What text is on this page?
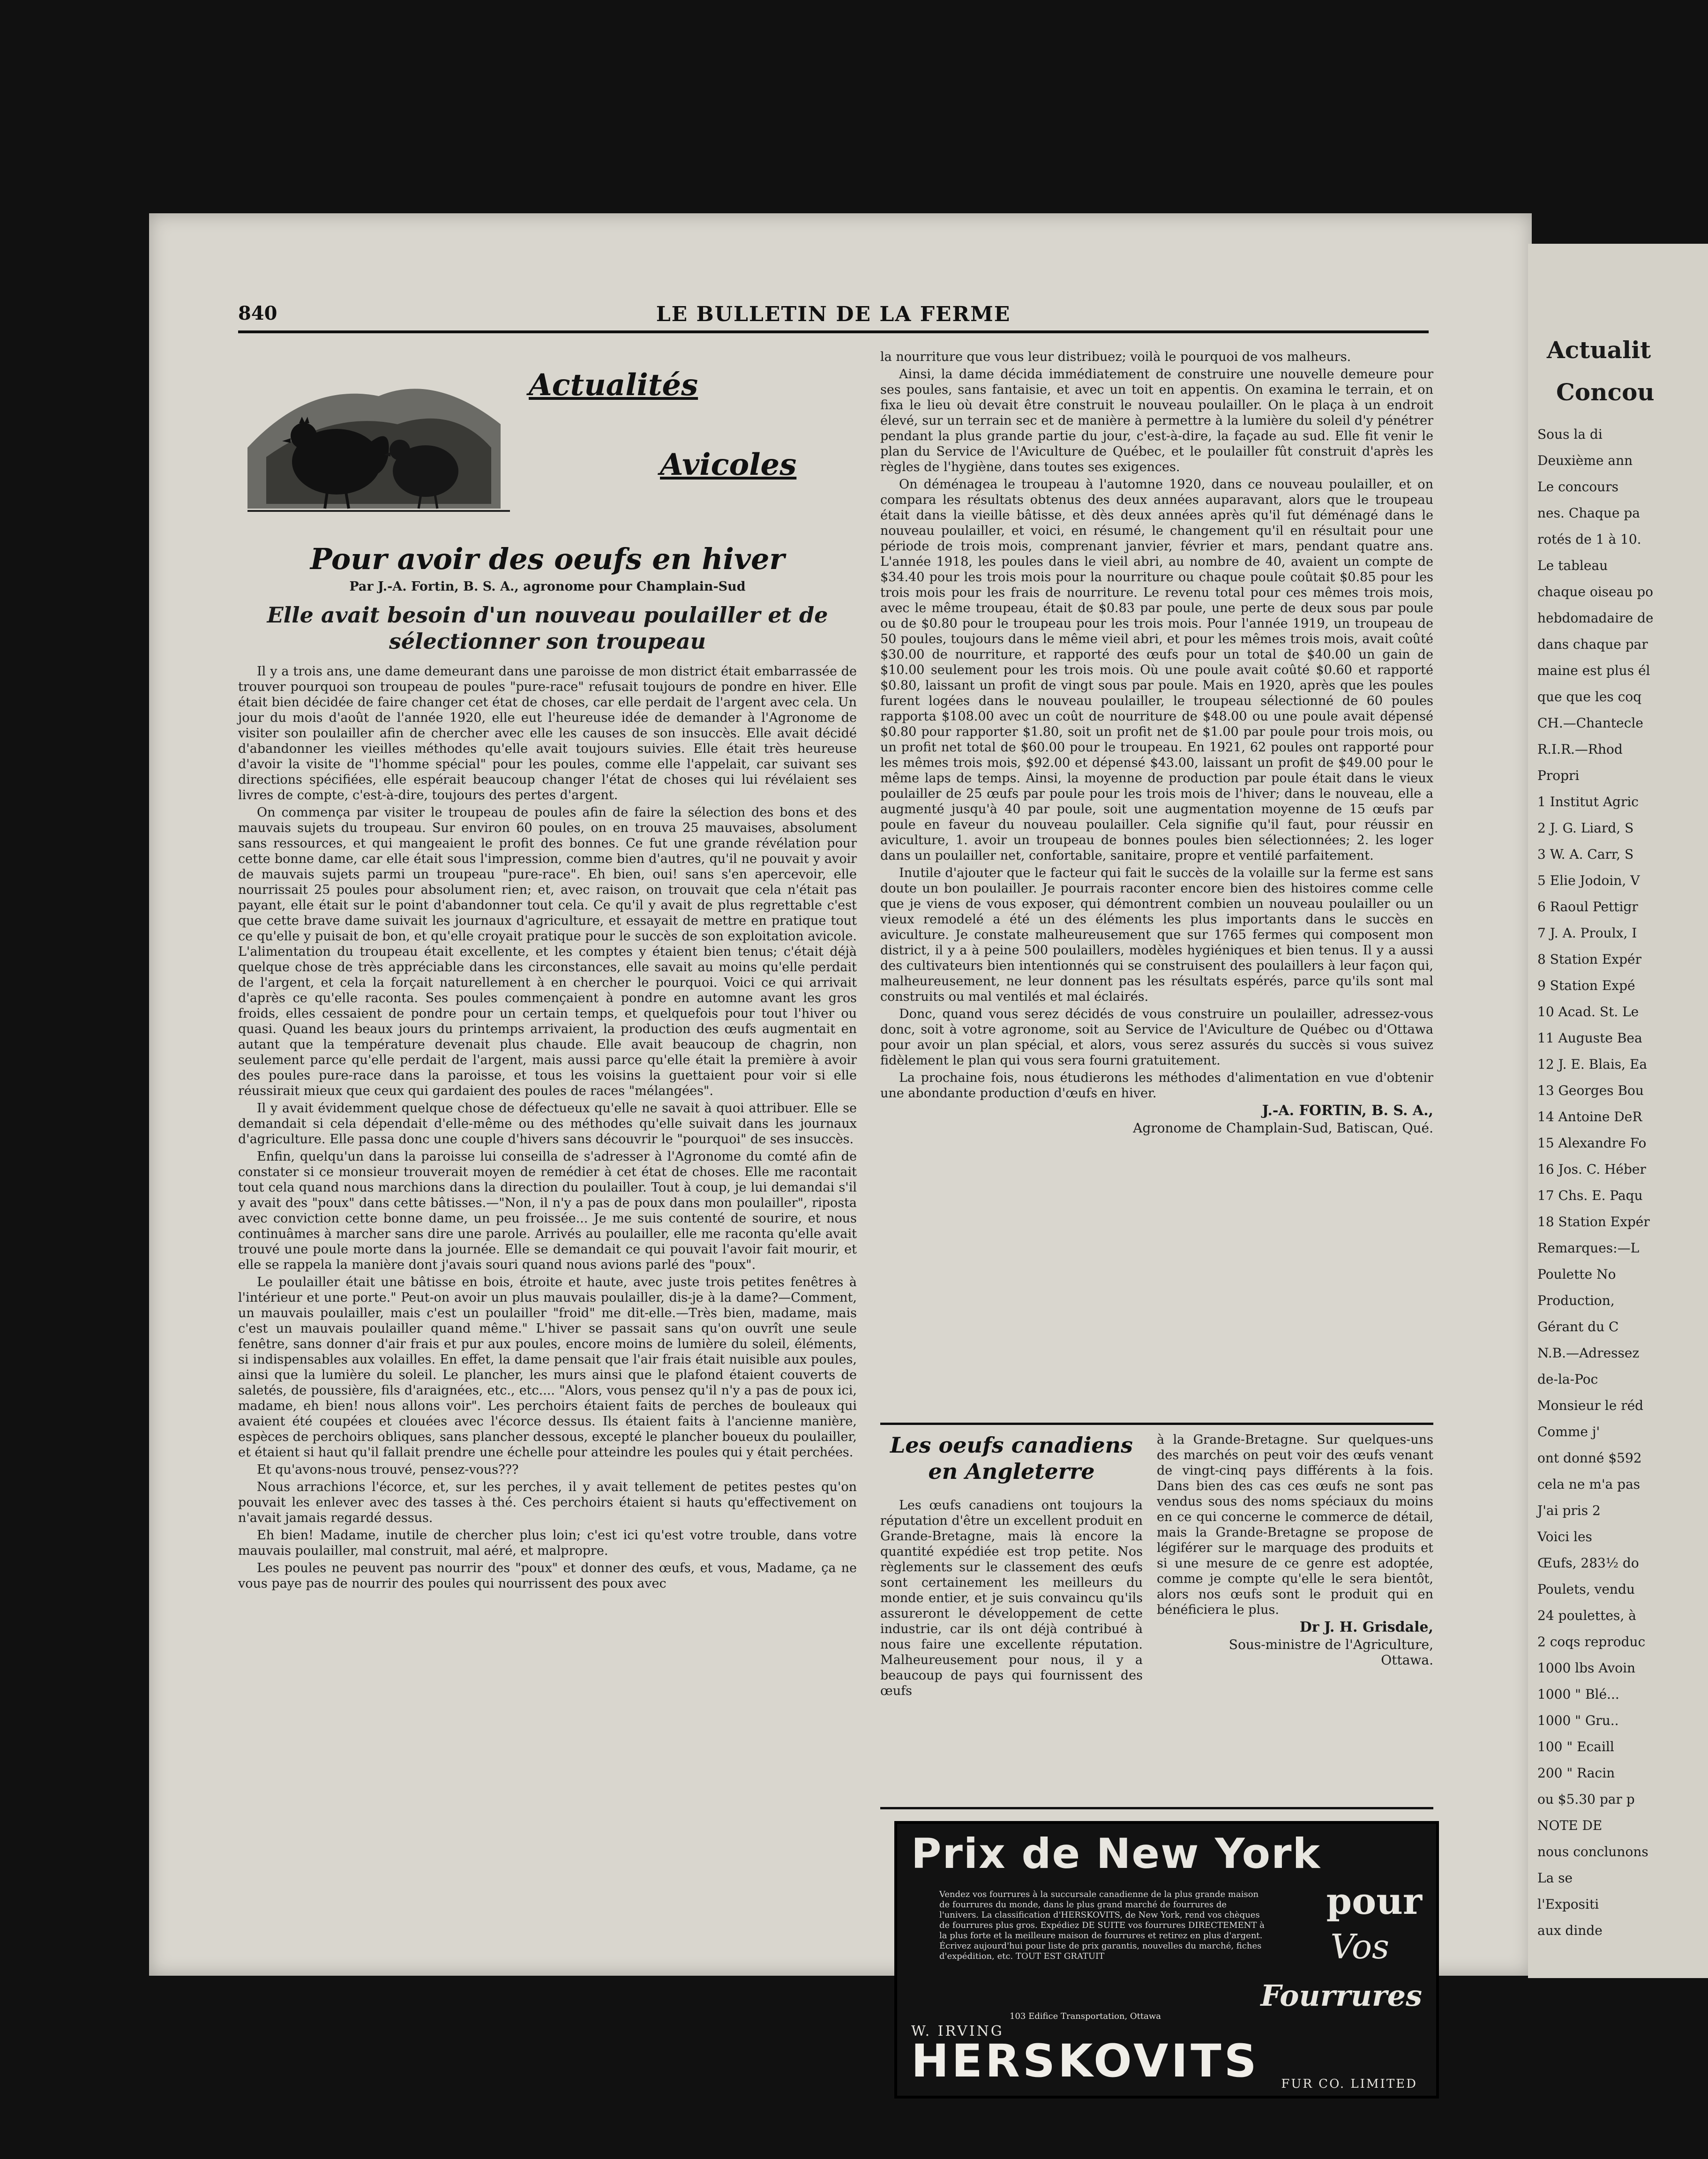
840	LE BULLETIN DE LA FERME
Actualités
Avicoles
Pour avoir des oeufs en hiver
Par J.-A. Fortin, B. S. A., agronome pour Champlain-Sud
Elle avait besoin d'un nouveau poulailler et de sélectionner son troupeau

Il y a trois ans, une dame demeurant dans une paroisse de mon district était embarrassée de trouver pourquoi son troupeau de poules "pure-race" refusait toujours de pondre en hiver. Elle était bien décidée de faire changer cet état de choses, car elle perdait de l'argent avec cela. Un jour du mois d'août de l'année 1920, elle eut l'heureuse idée de demander à l'Agronome de visiter son poulailler afin de chercher avec elle les causes de son insuccès. Elle avait décidé d'abandonner les vieilles méthodes qu'elle avait toujours suivies. Elle était très heureuse d'avoir la visite de "l'homme spécial" pour les poules, comme elle l'appelait, car suivant ses directions spécifiées, elle espérait beaucoup changer l'état de choses qui lui révélaient ses livres de compte, c'est-à-dire, toujours des pertes d'argent.

On commença par visiter le troupeau de poules afin de faire la sélection des bons et des mauvais sujets du troupeau. Sur environ 60 poules, on en trouva 25 mauvaises, absolument sans ressources, et qui mangeaient le profit des bonnes. Ce fut une grande révélation pour cette bonne dame, car elle était sous l'impression, comme bien d'autres, qu'il ne pouvait y avoir de mauvais sujets parmi un troupeau "pure-race". Eh bien, oui! sans s'en apercevoir, elle nourrissait 25 poules pour absolument rien; et, avec raison, on trouvait que cela n'était pas payant, elle était sur le point d'abandonner tout cela. Ce qu'il y avait de plus regrettable c'est que cette brave dame suivait les journaux d'agriculture, et essayait de mettre en pratique tout ce qu'elle y puisait de bon, et qu'elle croyait pratique pour le succès de son exploitation avicole. L'alimentation du troupeau était excellente, et les comptes y étaient bien tenus; c'était déjà quelque chose de très appréciable dans les circonstances, elle savait au moins qu'elle perdait de l'argent, et cela la forçait naturellement à en chercher le pourquoi. Voici ce qui arrivait d'après ce qu'elle raconta. Ses poules commençaient à pondre en automne avant les gros froids, elles cessaient de pondre pour un certain temps, et quelquefois pour tout l'hiver ou quasi. Quand les beaux jours du printemps arrivaient, la production des œufs augmentait en autant que la température devenait plus chaude. Elle avait beaucoup de chagrin, non seulement parce qu'elle perdait de l'argent, mais aussi parce qu'elle était la première à avoir des poules pure-race dans la paroisse, et tous les voisins la guettaient pour voir si elle réussirait mieux que ceux qui gardaient des poules de races "mélangées".

Il y avait évidemment quelque chose de défectueux qu'elle ne savait à quoi attribuer. Elle se demandait si cela dépendait d'elle-même ou des méthodes qu'elle suivait dans les journaux d'agriculture. Elle passa donc une couple d'hivers sans découvrir le "pourquoi" de ses insuccès.

Enfin, quelqu'un dans la paroisse lui conseilla de s'adresser à l'Agronome du comté afin de constater si ce monsieur trouverait moyen de remédier à cet état de choses. Elle me racontait tout cela quand nous marchions dans la direction du poulailler. Tout à coup, je lui demandai s'il y avait des "poux" dans cette bâtisses.—"Non, il n'y a pas de poux dans mon poulailler", riposta avec conviction cette bonne dame, un peu froissée... Je me suis contenté de sourire, et nous continuâmes à marcher sans dire une parole. Arrivés au poulailler, elle me raconta qu'elle avait trouvé une poule morte dans la journée. Elle se demandait ce qui pouvait l'avoir fait mourir, et elle se rappela la manière dont j'avais souri quand nous avions parlé des "poux".

Le poulailler était une bâtisse en bois, étroite et haute, avec juste trois petites fenêtres à l'intérieur et une porte." Peut-on avoir un plus mauvais poulailler, dis-je à la dame?—Comment, un mauvais poulailler, mais c'est un poulailler "froid" me dit-elle.—Très bien, madame, mais c'est un mauvais poulailler quand même." L'hiver se passait sans qu'on ouvrît une seule fenêtre, sans donner d'air frais et pur aux poules, encore moins de lumière du soleil, éléments, si indispensables aux volailles. En effet, la dame pensait que l'air frais était nuisible aux poules, ainsi que la lumière du soleil. Le plancher, les murs ainsi que le plafond étaient couverts de saletés, de poussière, fils d'araignées, etc., etc.... "Alors, vous pensez qu'il n'y a pas de poux ici, madame, eh bien! nous allons voir". Les perchoirs étaient faits de perches de bouleaux qui avaient été coupées et clouées avec l'écorce dessus. Ils étaient faits à l'ancienne manière, espèces de perchoirs obliques, sans plancher dessous, excepté le plancher boueux du poulailler, et étaient si haut qu'il fallait prendre une échelle pour atteindre les poules qui y était perchées.

Et qu'avons-nous trouvé, pensez-vous???

Nous arrachions l'écorce, et, sur les perches, il y avait tellement de petites pestes qu'on pouvait les enlever avec des tasses à thé. Ces perchoirs étaient si hauts qu'effectivement on n'avait jamais regardé dessus.

Eh bien! Madame, inutile de chercher plus loin; c'est ici qu'est votre trouble, dans votre mauvais poulailler, mal construit, mal aéré, et malpropre.

Les poules ne peuvent pas nourrir des "poux" et donner des œufs, et vous, Madame, ça ne vous paye pas de nourrir des poules qui nourrissent des poux avec

la nourriture que vous leur distribuez; voilà le pourquoi de vos malheurs.

Ainsi, la dame décida immédiatement de construire une nouvelle demeure pour ses poules, sans fantaisie, et avec un toit en appentis. On examina le terrain, et on fixa le lieu où devait être construit le nouveau poulailler. On le plaça à un endroit élevé, sur un terrain sec et de manière à permettre à la lumière du soleil d'y pénétrer pendant la plus grande partie du jour, c'est-à-dire, la façade au sud. Elle fit venir le plan du Service de l'Aviculture de Québec, et le poulailler fût construit d'après les règles de l'hygiène, dans toutes ses exigences.

On déménagea le troupeau à l'automne 1920, dans ce nouveau poulailler, et on compara les résultats obtenus des deux années auparavant, alors que le troupeau était dans la vieille bâtisse, et dès deux années après qu'il fut déménagé dans le nouveau poulailler, et voici, en résumé, le changement qu'il en résultait pour une période de trois mois, comprenant janvier, février et mars, pendant quatre ans. L'année 1918, les poules dans le vieil abri, au nombre de 40, avaient un compte de $34.40 pour les trois mois pour la nourriture ou chaque poule coûtait $0.85 pour les trois mois pour les frais de nourriture. Le revenu total pour ces mêmes trois mois, avec le même troupeau, était de $0.83 par poule, une perte de deux sous par poule ou de $0.80 pour le troupeau pour les trois mois. Pour l'année 1919, un troupeau de 50 poules, toujours dans le même vieil abri, et pour les mêmes trois mois, avait coûté $30.00 de nourriture, et rapporté des œufs pour un total de $40.00 un gain de $10.00 seulement pour les trois mois. Où une poule avait coûté $0.60 et rapporté $0.80, laissant un profit de vingt sous par poule. Mais en 1920, après que les poules furent logées dans le nouveau poulailler, le troupeau sélectionné de 60 poules rapporta $108.00 avec un coût de nourriture de $48.00 ou une poule avait dépensé $0.80 pour rapporter $1.80, soit un profit net de $1.00 par poule pour trois mois, ou un profit net total de $60.00 pour le troupeau. En 1921, 62 poules ont rapporté pour les mêmes trois mois, $92.00 et dépensé $43.00, laissant un profit de $49.00 pour le même laps de temps. Ainsi, la moyenne de production par poule était dans le vieux poulailler de 25 œufs par poule pour les trois mois de l'hiver; dans le nouveau, elle a augmenté jusqu'à 40 par poule, soit une augmentation moyenne de 15 œufs par poule en faveur du nouveau poulailler. Cela signifie qu'il faut, pour réussir en aviculture, 1. avoir un troupeau de bonnes poules bien sélectionnées; 2. les loger dans un poulailler net, confortable, sanitaire, propre et ventilé parfaitement.

Inutile d'ajouter que le facteur qui fait le succès de la volaille sur la ferme est sans doute un bon poulailler. Je pourrais raconter encore bien des histoires comme celle que je viens de vous exposer, qui démontrent combien un nouveau poulailler ou un vieux remodelé a été un des éléments les plus importants dans le succès en aviculture. Je constate malheureusement que sur 1765 fermes qui composent mon district, il y a à peine 500 poulaillers, modèles hygiéniques et bien tenus. Il y a aussi des cultivateurs bien intentionnés qui se construisent des poulaillers à leur façon qui, malheureusement, ne leur donnent pas les résultats espérés, parce qu'ils sont mal construits ou mal ventilés et mal éclairés.

Donc, quand vous serez décidés de vous construire un poulailler, adressez-vous donc, soit à votre agronome, soit au Service de l'Aviculture de Québec ou d'Ottawa pour avoir un plan spécial, et alors, vous serez assurés du succès si vous suivez fidèlement le plan qui vous sera fourni gratuitement.

La prochaine fois, nous étudierons les méthodes d'alimentation en vue d'obtenir une abondante production d'œufs en hiver.

J.-A. FORTIN, B. S. A.,

Agronome de Champlain-Sud, Batiscan, Qué.

Les oeufs canadiens en Angleterre

Les œufs canadiens ont toujours la réputation d'être un excellent produit en Grande-Bretagne, mais là encore la quantité expédiée est trop petite. Nos règlements sur le classement des œufs sont certainement les meilleurs du monde entier, et je suis convaincu qu'ils assureront le développement de cette industrie, car ils ont déjà contribué à nous faire une excellente réputation. Malheureusement pour nous, il y a beaucoup de pays qui fournissent des œufs

à la Grande-Bretagne. Sur quelques-uns des marchés on peut voir des œufs venant de vingt-cinq pays différents à la fois. Dans bien des cas ces œufs ne sont pas vendus sous des noms spéciaux du moins en ce qui concerne le commerce de détail, mais la Grande-Bretagne se propose de légiférer sur le marquage des produits et si une mesure de ce genre est adoptée, comme je compte qu'elle le sera bientôt, alors nos œufs sont le produit qui en bénéficiera le plus.

Dr J. H. Grisdale,

Sous-ministre de l'Agriculture, Ottawa.

Prix de New York
Vendez vos fourrures à la succursale canadienne de la plus grande maison de fourrures du monde, dans le plus grand marché de fourrures de l'univers. La classification d'HERSKOVITS, de New York, rend vos chèques de fourrures plus gros. Expédiez DE SUITE vos fourrures DIRECTEMENT à la plus forte et la meilleure maison de fourrures et retirez en plus d'argent. Écrivez aujourd'hui pour liste de prix garantis, nouvelles du marché, fiches d'expédition, etc. TOUT EST GRATUIT
pour
Vos
Fourrures
103 Edifice Transportation, Ottawa
W. IRVING
HERSKOVITS FUR CO. LIMITED
Actualit
Concou
Sous la di
Deuxième ann
Le concours
nes. Chaque pa
rotés de 1 à 10.
Le tableau
chaque oiseau po
hebdomadaire de
dans chaque par
maine est plus él
que que les coq
CH.—Chantecle
R.I.R.—Rhod
Propri
1 Institut Agric
2 J. G. Liard, S
3 W. A. Carr, S
5 Elie Jodoin, V
6 Raoul Pettigr
7 J. A. Proulx, I
8 Station Expér
9 Station Expé
10 Acad. St. Le
11 Auguste Bea
12 J. E. Blais, Ea
13 Georges Bou
14 Antoine DeR
15 Alexandre Fo
16 Jos. C. Héber
17 Chs. E. Paqu
18 Station Expér
Remarques:—L
Poulette No
Production,
Gérant du C
N.B.—Adressez
de-la-Poc
Monsieur le réd
Comme j'
ont donné $592
cela ne m'a pas
J'ai pris 2
Voici les
Œufs, 283½ do
Poulets, vendu
24 poulettes, à
2 coqs reproduc
1000 lbs Avoin
1000 " Blé...
1000 " Gru..
100 " Ecaill
200 " Racin
ou $5.30 par p
NOTE DE
nous conclunons
La se
l'Expositi
aux dinde
